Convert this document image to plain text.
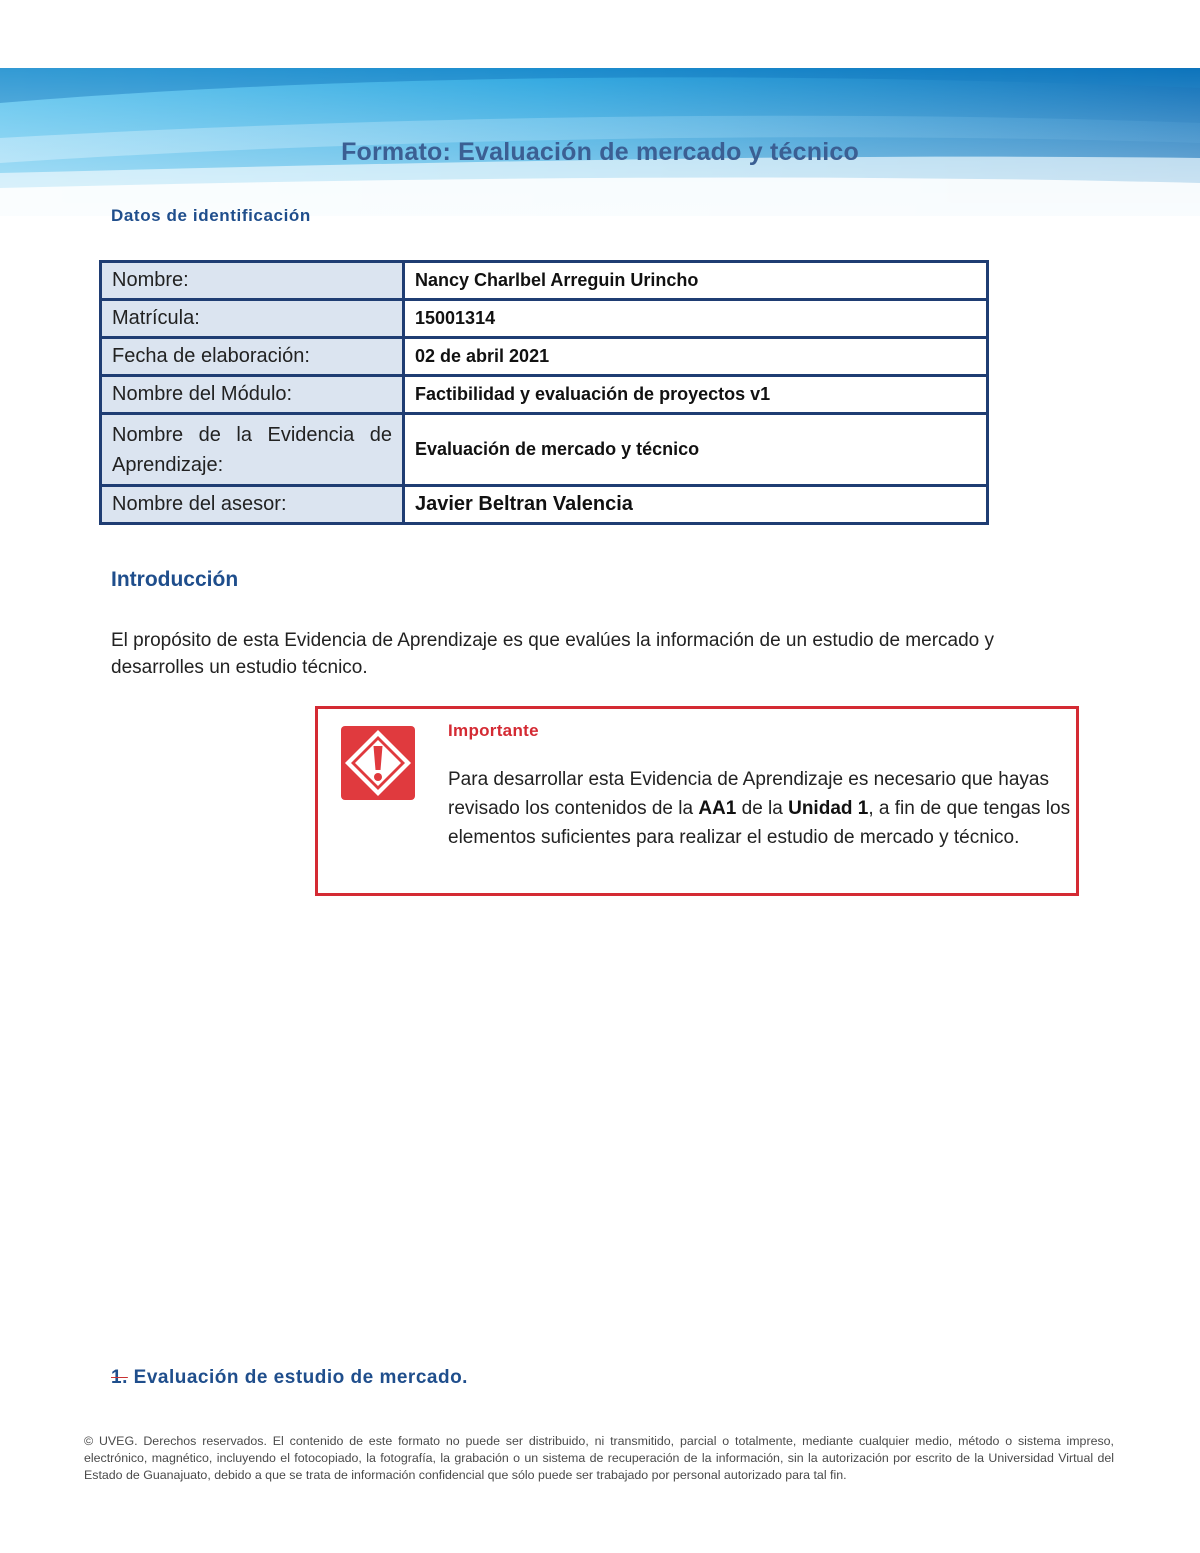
Formato: Evaluación de mercado y técnico
Datos de identificación
Nombre:	Nancy Charlbel Arreguin Urincho
Matrícula:	15001314
Fecha de elaboración:	02 de abril 2021
Nombre del Módulo:	Factibilidad y evaluación de proyectos v1
Nombre de la Evidencia de Aprendizaje:	Evaluación de mercado y técnico
Nombre del asesor:	Javier Beltran Valencia
Introducción
El propósito de esta Evidencia de Aprendizaje es que evalúes la información de un estudio de mercado y desarrolles un estudio técnico.
Importante
Para desarrollar esta Evidencia de Aprendizaje es necesario que hayas revisado los contenidos de la AA1 de la Unidad 1, a fin de que tengas los elementos suficientes para realizar el estudio de mercado y técnico.
1. Evaluación de estudio de mercado.
© UVEG. Derechos reservados. El contenido de este formato no puede ser distribuido, ni transmitido, parcial o totalmente, mediante cualquier medio, método o sistema impreso, electrónico, magnético, incluyendo el fotocopiado, la fotografía, la grabación o un sistema de recuperación de la información, sin la autorización por escrito de la Universidad Virtual del Estado de Guanajuato, debido a que se trata de información confidencial que sólo puede ser trabajado por personal autorizado para tal fin.
